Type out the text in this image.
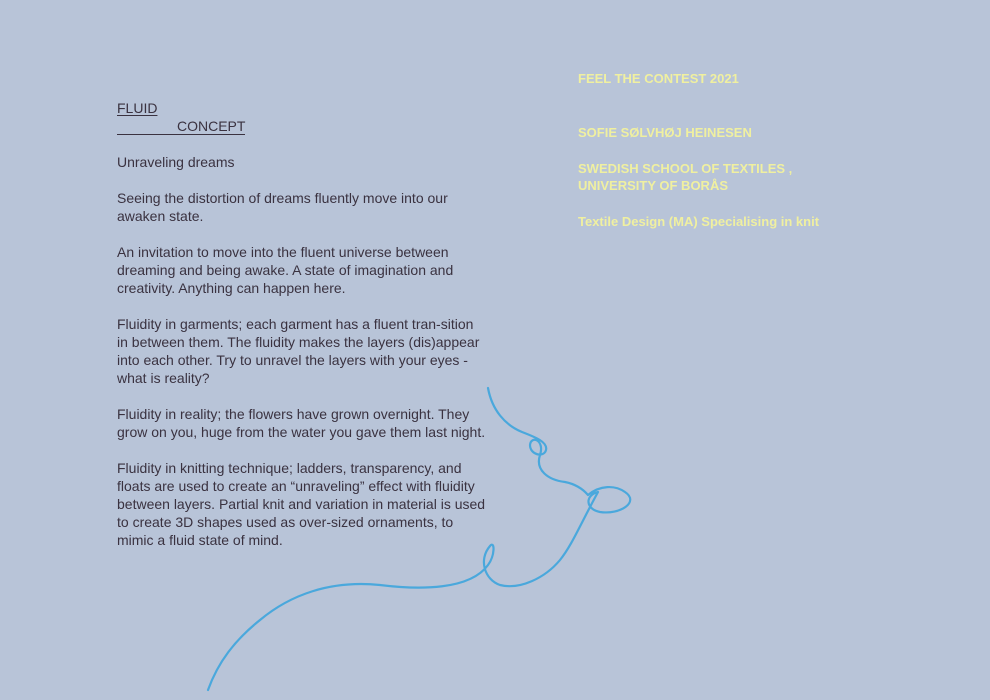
FLUID
CONCEPT

Unraveling dreams

Seeing the distortion of dreams fluently move into our awaken state.

An invitation to move into the fluent universe between dreaming and being awake. A state of imagination and creativity. Anything can happen here.

Fluidity in garments; each garment has a fluent tran-sition in between them. The fluidity makes the layers (dis)appear into each other. Try to unravel the layers with your eyes - what is reality?

Fluidity in reality; the flowers have grown overnight. They grow on you, huge from the water you gave them last night.

Fluidity in knitting technique; ladders, transparency, and floats are used to create an “unraveling” effect with fluidity between layers. Partial knit and variation in material is used to create 3D shapes used as over-sized ornaments, to mimic a fluid state of mind.

FEEL THE CONTEST 2021
SOFIE SØLVHØJ HEINESEN
SWEDISH SCHOOL OF TEXTILES ,
UNIVERSITY OF BORÅS
Textile Design (MA) Specialising in knit
